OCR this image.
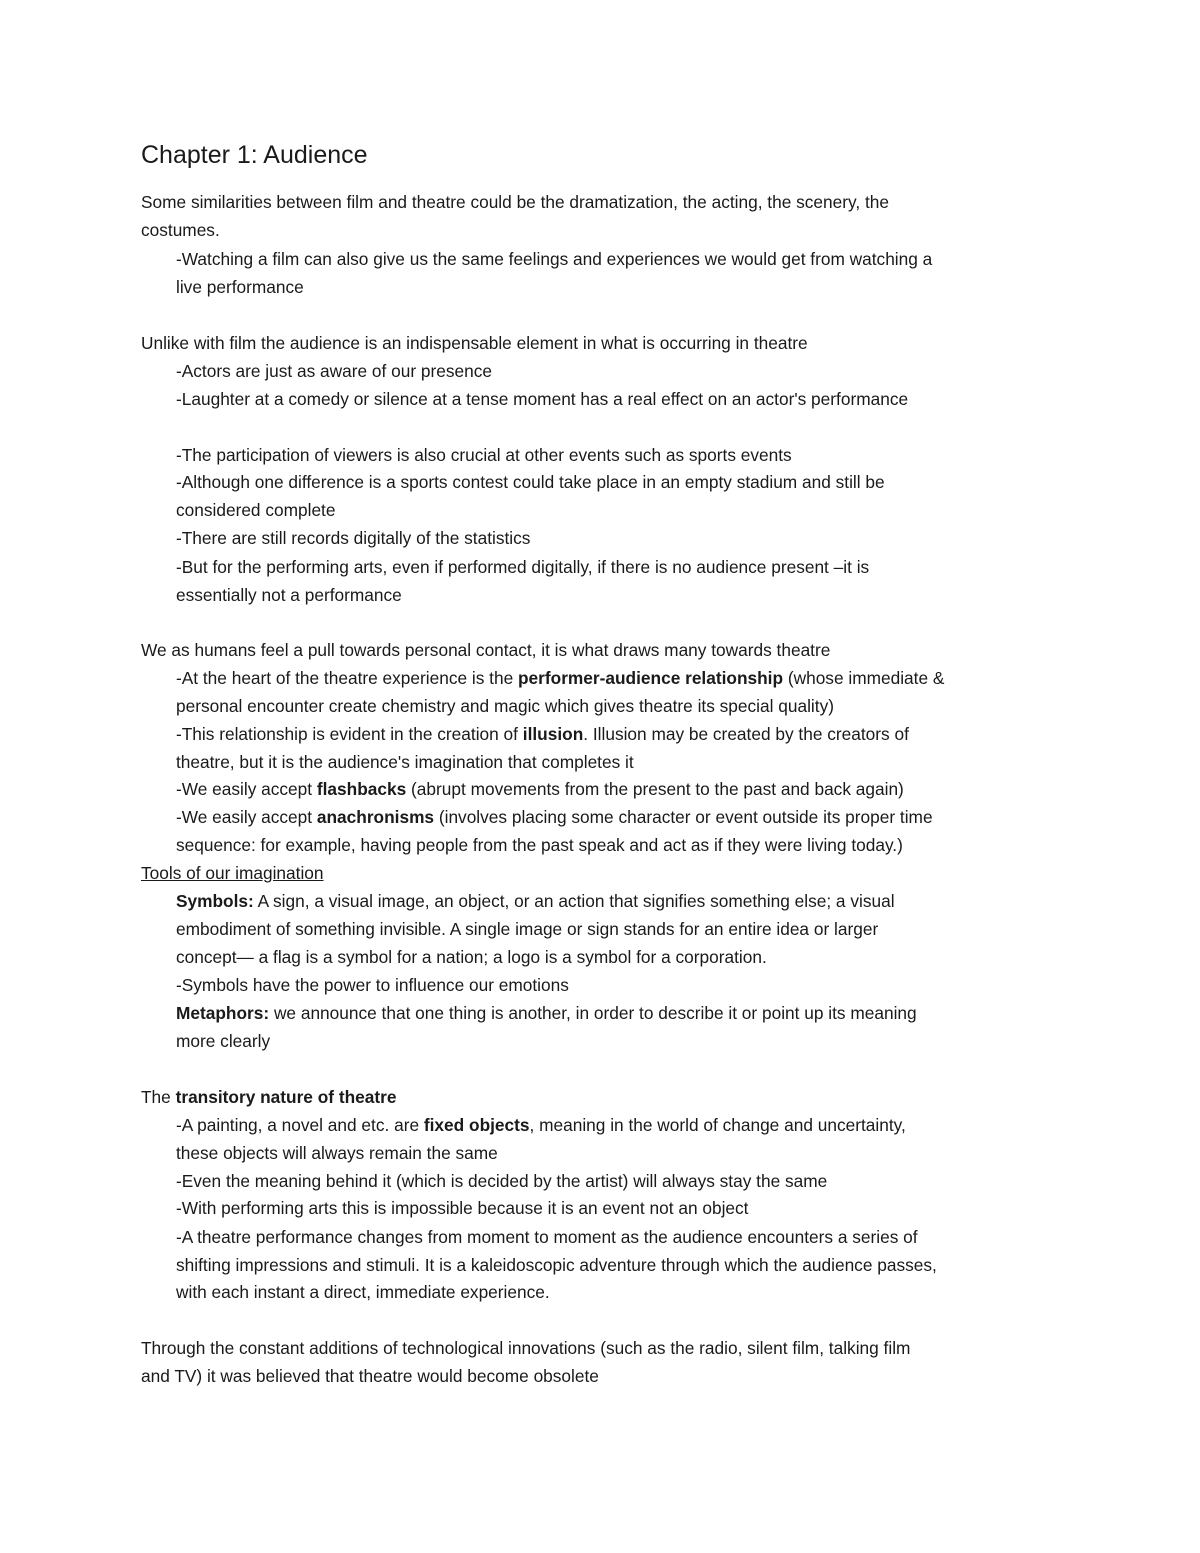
Chapter 1: Audience
Some similarities between film and theatre could be the dramatization, the acting, the scenery, the
costumes.
-Watching a film can also give us the same feelings and experiences we would get from watching a
live performance
Unlike with film the audience is an indispensable element in what is occurring in theatre
-Actors are just as aware of our presence
-Laughter at a comedy or silence at a tense moment has a real effect on an actor's performance
-The participation of viewers is also crucial at other events such as sports events
-Although one difference is a sports contest could take place in an empty stadium and still be
considered complete
-There are still records digitally of the statistics
-But for the performing arts, even if performed digitally, if there is no audience present –it is
essentially not a performance
We as humans feel a pull towards personal contact, it is what draws many towards theatre
-At the heart of the theatre experience is the performer-audience relationship (whose immediate &
personal encounter create chemistry and magic which gives theatre its special quality)
-This relationship is evident in the creation of illusion. Illusion may be created by the creators of
theatre, but it is the audience's imagination that completes it
-We easily accept flashbacks (abrupt movements from the present to the past and back again)
-We easily accept anachronisms (involves placing some character or event outside its proper time
sequence: for example, having people from the past speak and act as if they were living today.)
Tools of our imagination
Symbols: A sign, a visual image, an object, or an action that signifies something else; a visual
embodiment of something invisible. A single image or sign stands for an entire idea or larger
concept— a flag is a symbol for a nation; a logo is a symbol for a corporation.
-Symbols have the power to influence our emotions
Metaphors: we announce that one thing is another, in order to describe it or point up its meaning
more clearly
The transitory nature of theatre
-A painting, a novel and etc. are fixed objects, meaning in the world of change and uncertainty,
these objects will always remain the same
-Even the meaning behind it (which is decided by the artist) will always stay the same
-With performing arts this is impossible because it is an event not an object
-A theatre performance changes from moment to moment as the audience encounters a series of
shifting impressions and stimuli. It is a kaleidoscopic adventure through which the audience passes,
with each instant a direct, immediate experience.
Through the constant additions of technological innovations (such as the radio, silent film, talking film
and TV) it was believed that theatre would become obsolete
